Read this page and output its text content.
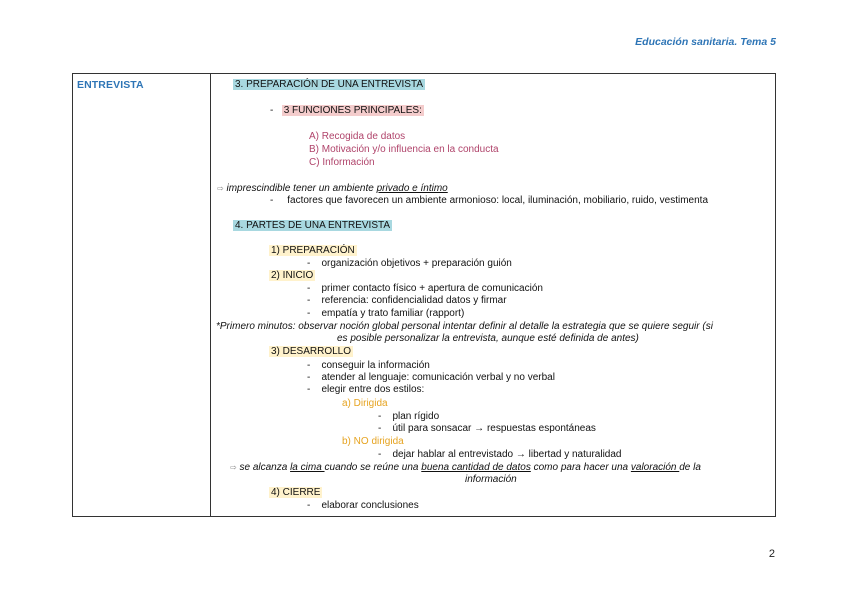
Educación sanitaria. Tema 5
ENTREVISTA	3. PREPARACIÓN DE UNA ENTREVISTA
- 3 FUNCIONES PRINCIPALES:
A) Recogida de datos
B) Motivación y/o influencia en la conducta
C) Información
⇨ imprescindible tener un ambiente privado e íntimo
- factores que favorecen un ambiente armonioso: local, iluminación, mobiliario, ruido, vestimenta
4. PARTES DE UNA ENTREVISTA
1) PREPARACIÓN
-    organización objetivos + preparación guión
2) INICIO
-    primer contacto físico + apertura de comunicación
-    referencia: confidencialidad datos y firmar
-    empatía y trato familiar (rapport)
*Primero minutos: observar noción global personal intentar definir al detalle la estrategia que se quiere seguir (si
es posible personalizar la entrevista, aunque esté definida de antes)
3) DESARROLLO
-    conseguir la información
-    atender al lenguaje: comunicación verbal y no verbal
-    elegir entre dos estilos:
a) Dirigida
-    plan rígido
-    útil para sonsacar → respuestas espontáneas
b) NO dirigida
-    dejar hablar al entrevistado → libertad y naturalidad
⇨ se alcanza la cima cuando se reúne una buena cantidad de datos como para hacer una valoración de la
información
4) CIERRE
-    elaborar conclusiones
2
